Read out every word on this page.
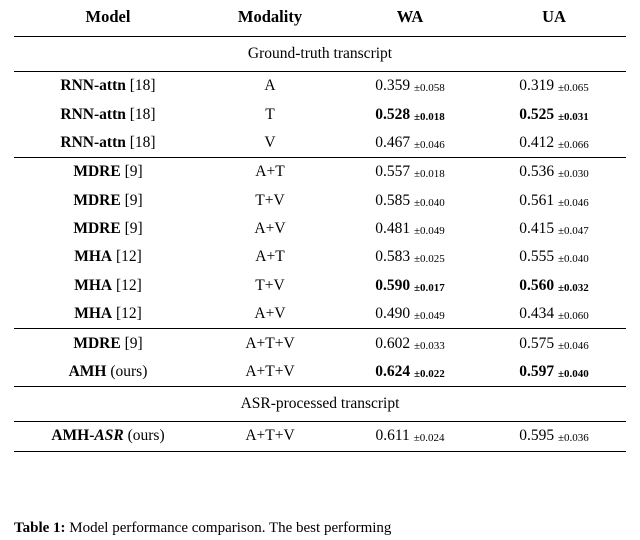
Model	Modality	WA	UA
Ground-truth transcript			
RNN-attn [18]	A	0.359 ±0.058	0.319 ±0.065
RNN-attn [18]	T	0.528 ±0.018	0.525 ±0.031
RNN-attn [18]	V	0.467 ±0.046	0.412 ±0.066
MDRE [9]	A+T	0.557 ±0.018	0.536 ±0.030
MDRE [9]	T+V	0.585 ±0.040	0.561 ±0.046
MDRE [9]	A+V	0.481 ±0.049	0.415 ±0.047
MHA [12]	A+T	0.583 ±0.025	0.555 ±0.040
MHA [12]	T+V	0.590 ±0.017	0.560 ±0.032
MHA [12]	A+V	0.490 ±0.049	0.434 ±0.060
MDRE [9]	A+T+V	0.602 ±0.033	0.575 ±0.046
AMH (ours)	A+T+V	0.624 ±0.022	0.597 ±0.040
ASR-processed transcript			
AMH-ASR (ours)	A+T+V	0.611 ±0.024	0.595 ±0.036
Table 1: Model performance comparison. The best performing
